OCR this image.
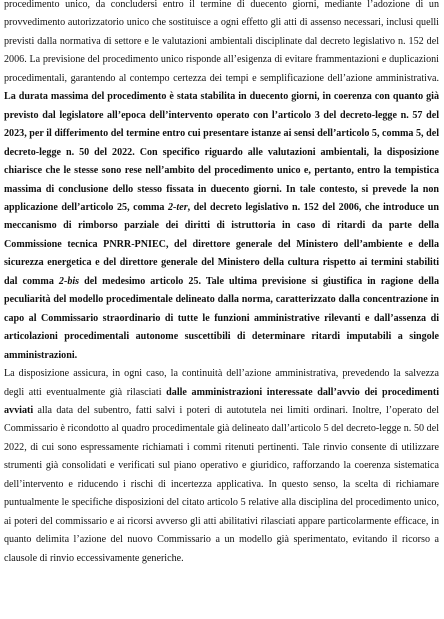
procedimento unico, da concludersi entro il termine di duecento giorni, mediante l’adozione di un provvedimento autorizzatorio unico che sostituisce a ogni effetto gli atti di assenso necessari, inclusi quelli previsti dalla normativa di settore e le valutazioni ambientali disciplinate dal decreto legislativo n. 152 del 2006. La previsione del procedimento unico risponde all’esigenza di evitare frammentazioni e duplicazioni procedimentali, garantendo al contempo certezza dei tempi e semplificazione dell’azione amministrativa. La durata massima del procedimento è stata stabilita in duecento giorni, in coerenza con quanto già previsto dal legislatore all’epoca dell’intervento operato con l’articolo 3 del decreto-legge n. 57 del 2023, per il differimento del termine entro cui presentare istanze ai sensi dell’articolo 5, comma 5, del decreto-legge n. 50 del 2022. Con specifico riguardo alle valutazioni ambientali, la disposizione chiarisce che le stesse sono rese nell’ambito del procedimento unico e, pertanto, entro la tempistica massima di conclusione dello stesso fissata in duecento giorni. In tale contesto, si prevede la non applicazione dell’articolo 25, comma 2-ter, del decreto legislativo n. 152 del 2006, che introduce un meccanismo di rimborso parziale dei diritti di istruttoria in caso di ritardi da parte della Commissione tecnica PNRR-PNIEC, del direttore generale del Ministero dell’ambiente e della sicurezza energetica e del direttore generale del Ministero della cultura rispetto ai termini stabiliti dal comma 2-bis del medesimo articolo 25. Tale ultima previsione si giustifica in ragione della peculiarità del modello procedimentale delineato dalla norma, caratterizzato dalla concentrazione in capo al Commissario straordinario di tutte le funzioni amministrative rilevanti e dall’assenza di articolazioni procedimentali autonome suscettibili di determinare ritardi imputabili a singole amministrazioni.

La disposizione assicura, in ogni caso, la continuità dell’azione amministrativa, prevedendo la salvezza degli atti eventualmente già rilasciati dalle amministrazioni interessate dall’avvio dei procedimenti avviati alla data del subentro, fatti salvi i poteri di autotutela nei limiti ordinari. Inoltre, l’operato del Commissario è ricondotto al quadro procedimentale già delineato dall’articolo 5 del decreto-legge n. 50 del 2022, di cui sono espressamente richiamati i commi ritenuti pertinenti. Tale rinvio consente di utilizzare strumenti già consolidati e verificati sul piano operativo e giuridico, rafforzando la coerenza sistematica dell’intervento e riducendo i rischi di incertezza applicativa. In questo senso, la scelta di richiamare puntualmente le specifiche disposizioni del citato articolo 5 relative alla disciplina del procedimento unico, ai poteri del commissario e ai ricorsi avverso gli atti abilitativi rilasciati appare particolarmente efficace, in quanto delimita l’azione del nuovo Commissario a un modello già sperimentato, evitando il ricorso a clausole di rinvio eccessivamente generiche.
